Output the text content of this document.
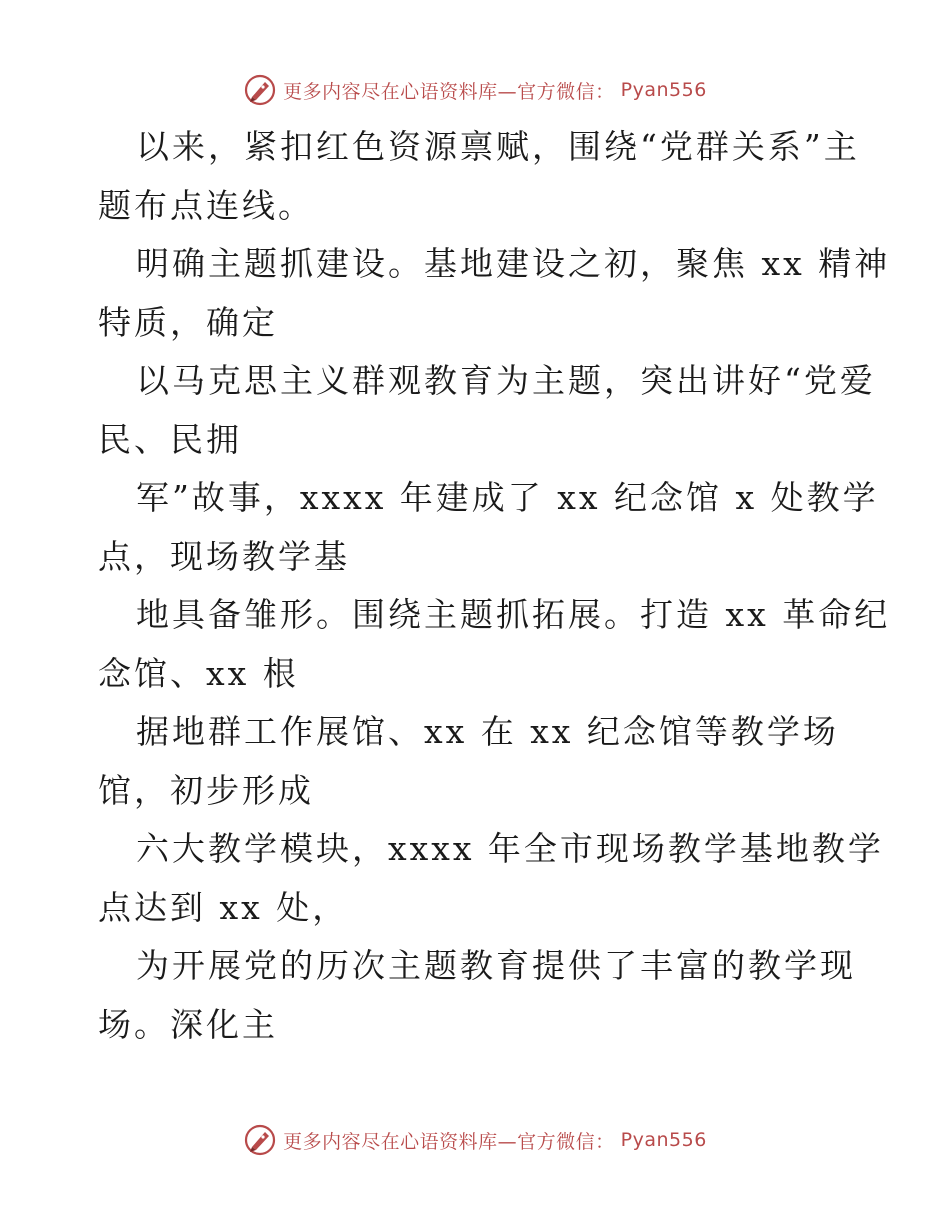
更多内容尽在心语资料库—官方微信： Pyan556
以来，紧扣红色资源禀赋，围绕“党群关系”主
题布点连线。
明确主题抓建设。基地建设之初，聚焦 xx 精神
特质，确定
以马克思主义群观教育为主题，突出讲好“党爱
民、民拥
军”故事，xxxx 年建成了 xx 纪念馆 x 处教学
点，现场教学基
地具备雏形。围绕主题抓拓展。打造 xx 革命纪
念馆、xx 根
据地群工作展馆、xx 在 xx 纪念馆等教学场
馆，初步形成
六大教学模块，xxxx 年全市现场教学基地教学
点达到 xx 处，
为开展党的历次主题教育提供了丰富的教学现
场。深化主
更多内容尽在心语资料库—官方微信： Pyan556
